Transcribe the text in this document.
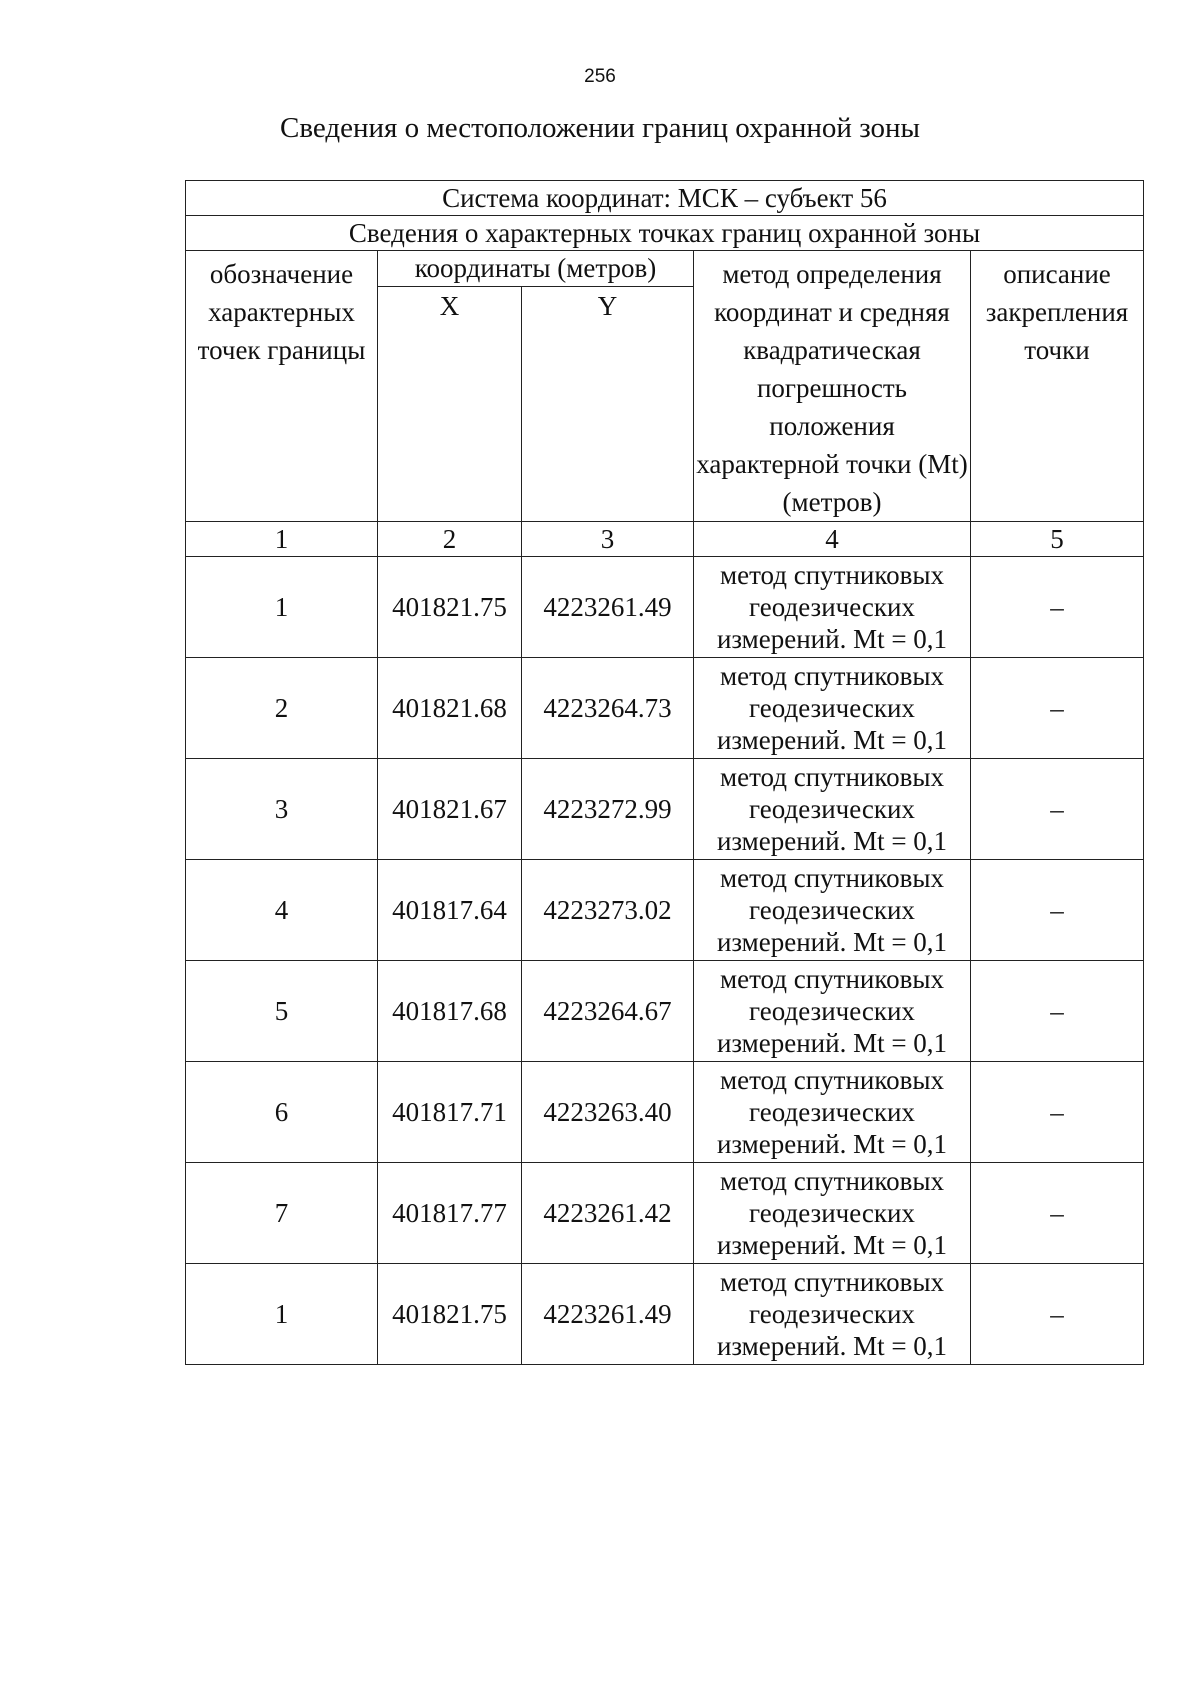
256
Сведения о местоположении границ охранной зоны
Система координат: МСК – субъект 56				
Сведения о характерных точках границ охранной зоны				
обозначение характерных точек границы	координаты (метров)		метод определения координат и средняя квадратическая погрешность положения характерной точки (Mt) (метров)	описание закрепления точки
	X	Y		
1	2	3	4	5
1	401821.75	4223261.49	метод спутниковых геодезических измерений. Mt = 0,1	–
2	401821.68	4223264.73	метод спутниковых геодезических измерений. Mt = 0,1	–
3	401821.67	4223272.99	метод спутниковых геодезических измерений. Mt = 0,1	–
4	401817.64	4223273.02	метод спутниковых геодезических измерений. Mt = 0,1	–
5	401817.68	4223264.67	метод спутниковых геодезических измерений. Mt = 0,1	–
6	401817.71	4223263.40	метод спутниковых геодезических измерений. Mt = 0,1	–
7	401817.77	4223261.42	метод спутниковых геодезических измерений. Mt = 0,1	–
1	401821.75	4223261.49	метод спутниковых геодезических измерений. Mt = 0,1	–
